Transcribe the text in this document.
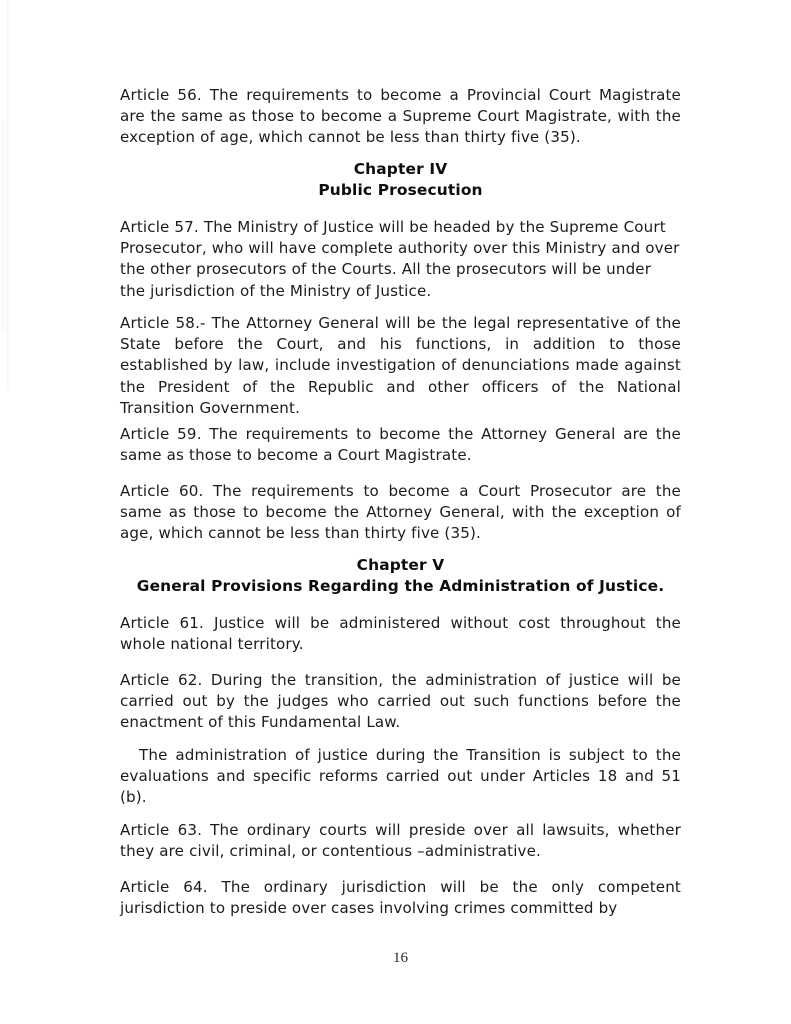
Article 56. The requirements to become a Provincial Court Magistrate are the same as those to become a Supreme Court Magistrate, with the exception of age, which cannot be less than thirty five (35).

Chapter IV
Public Prosecution

Article 57. The Ministry of Justice will be headed by the Supreme Court Prosecutor, who will have complete authority over this Ministry and over the other prosecutors of the Courts. All the prosecutors will be under the jurisdiction of the Ministry of Justice.

Article 58.- The Attorney General will be the legal representative of the State before the Court, and his functions, in addition to those established by law, include investigation of denunciations made against the President of the Republic and other officers of the National Transition Government.

Article 59. The requirements to become the Attorney General are the same as those to become a Court Magistrate.

Article 60. The requirements to become a Court Prosecutor are the same as those to become the Attorney General, with the exception of age, which cannot be less than thirty five (35).

Chapter V
General Provisions Regarding the Administration of Justice.

Article 61. Justice will be administered without cost throughout the whole national territory.

Article 62. During the transition, the administration of justice will be carried out by the judges who carried out such functions before the enactment of this Fundamental Law.

The administration of justice during the Transition is subject to the evaluations and specific reforms carried out under Articles 18 and 51 (b).

Article 63. The ordinary courts will preside over all lawsuits, whether they are civil, criminal, or contentious –administrative.

Article 64. The ordinary jurisdiction will be the only competent jurisdiction to preside over cases involving crimes committed by

16
